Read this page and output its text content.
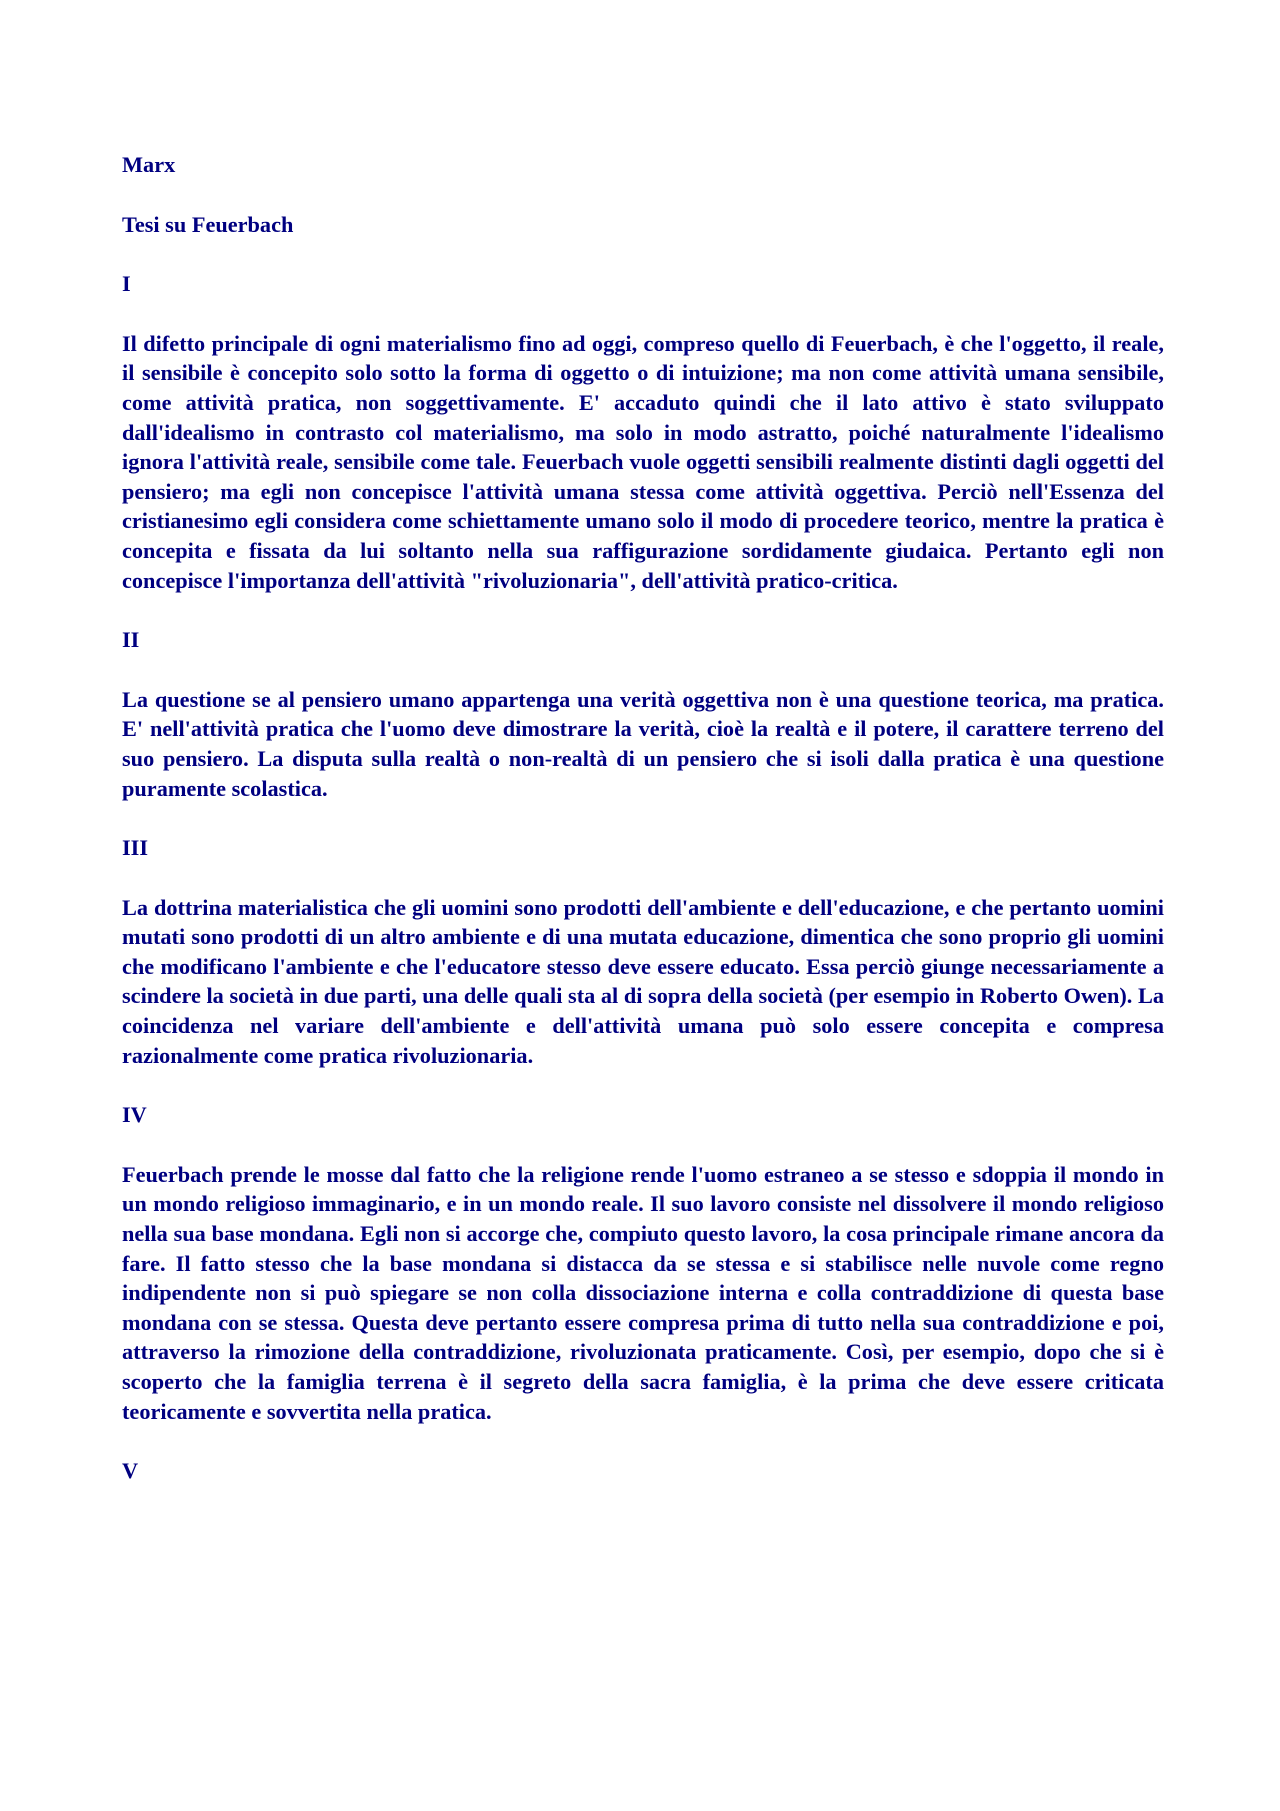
Marx

Tesi su Feuerbach

I

Il difetto principale di ogni materialismo fino ad oggi, compreso quello di Feuerbach, è che l'oggetto, il reale, il sensibile è concepito solo sotto la forma di oggetto o di intuizione; ma non come attività umana sensibile, come attività pratica, non soggettivamente. E' accaduto quindi che il lato attivo è stato sviluppato dall'idealismo in contrasto col materialismo, ma solo in modo astratto, poiché naturalmente l'idealismo ignora l'attività reale, sensibile come tale. Feuerbach vuole oggetti sensibili realmente distinti dagli oggetti del pensiero; ma egli non concepisce l'attività umana stessa come attività oggettiva. Perciò nell'Essenza del cristianesimo egli considera come schiettamente umano solo il modo di procedere teorico, mentre la pratica è concepita e fissata da lui soltanto nella sua raffigurazione sordidamente giudaica. Pertanto egli non concepisce l'importanza dell'attività "rivoluzionaria", dell'attività pratico-critica.

II

La questione se al pensiero umano appartenga una verità oggettiva non è una questione teorica, ma pratica. E' nell'attività pratica che l'uomo deve dimostrare la verità, cioè la realtà e il potere, il carattere terreno del suo pensiero. La disputa sulla realtà o non-realtà di un pensiero che si isoli dalla pratica è una questione puramente scolastica.

III

La dottrina materialistica che gli uomini sono prodotti dell'ambiente e dell'educazione, e che pertanto uomini mutati sono prodotti di un altro ambiente e di una mutata educazione, dimentica che sono proprio gli uomini che modificano l'ambiente e che l'educatore stesso deve essere educato. Essa perciò giunge necessariamente a scindere la società in due parti, una delle quali sta al di sopra della società (per esempio in Roberto Owen). La coincidenza nel variare dell'ambiente e dell'attività umana può solo essere concepita e compresa razionalmente come pratica rivoluzionaria.

IV

Feuerbach prende le mosse dal fatto che la religione rende l'uomo estraneo a se stesso e sdoppia il mondo in un mondo religioso immaginario, e in un mondo reale. Il suo lavoro consiste nel dissolvere il mondo religioso nella sua base mondana. Egli non si accorge che, compiuto questo lavoro, la cosa principale rimane ancora da fare. Il fatto stesso che la base mondana si distacca da se stessa e si stabilisce nelle nuvole come regno indipendente non si può spiegare se non colla dissociazione interna e colla contraddizione di questa base mondana con se stessa. Questa deve pertanto essere compresa prima di tutto nella sua contraddizione e poi, attraverso la rimozione della contraddizione, rivoluzionata praticamente. Così, per esempio, dopo che si è scoperto che la famiglia terrena è il segreto della sacra famiglia, è la prima che deve essere criticata teoricamente e sovvertita nella pratica.

V
